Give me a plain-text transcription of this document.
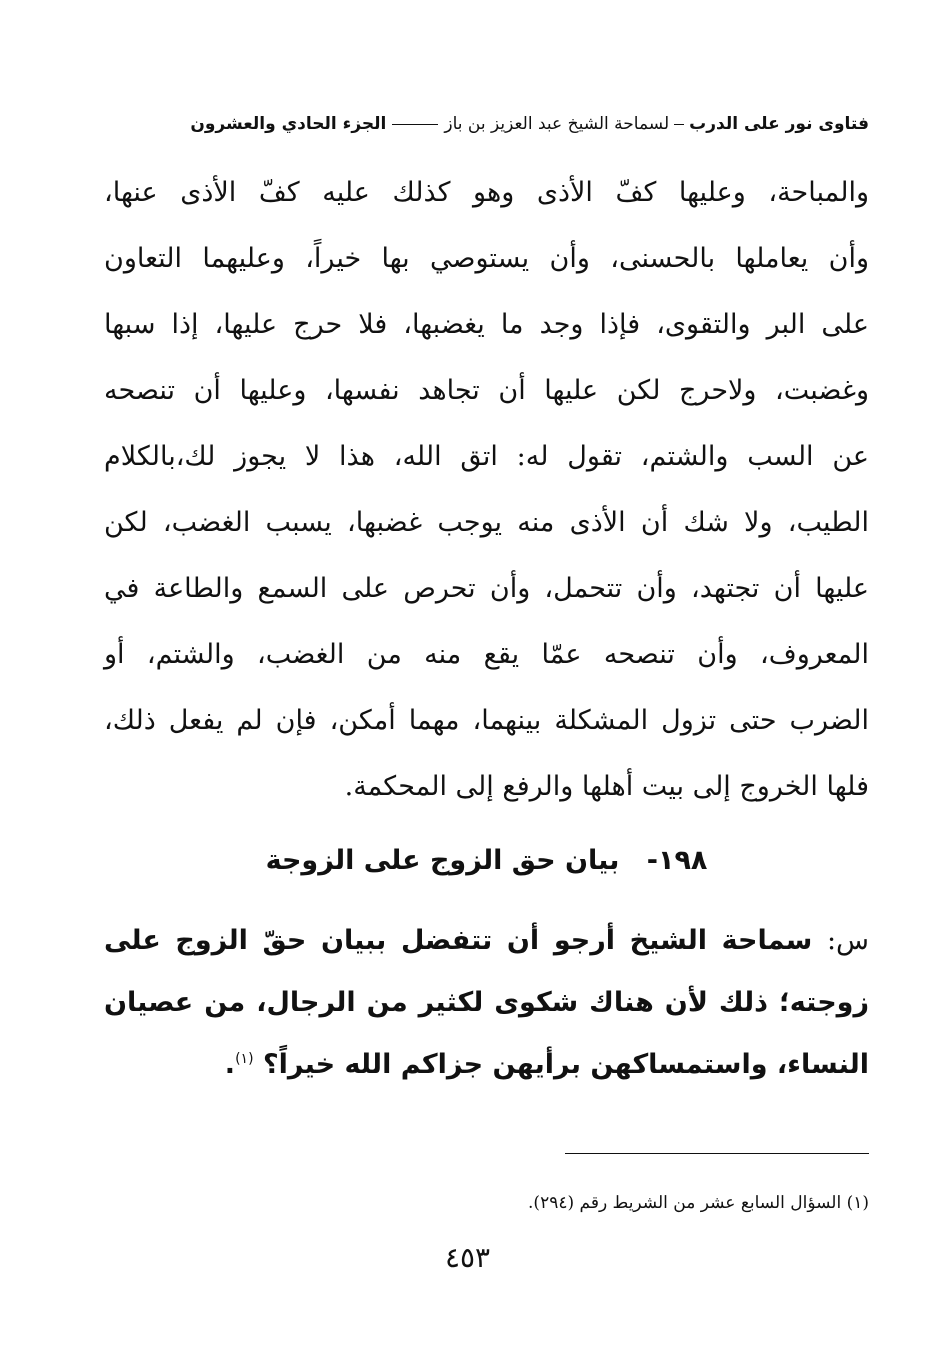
فتاوى نور على الدربلسماحة الشيخ عبد العزيز بن بازالجزء الحادي والعشرون
والمباحة، وعليها كفّ الأذى وهو كذلك عليه كفّ الأذى عنها،
وأن يعاملها بالحسنى، وأن يستوصي بها خيراً، وعليهما التعاون
على البر والتقوى، فإذا وجد ما يغضبها، فلا حرج عليها، إذا سبها
وغضبت، ولاحرج لكن عليها أن تجاهد نفسها، وعليها أن تنصحه
عن السب والشتم، تقول له: اتق الله، هذا لا يجوز لك،بالكلام
الطيب، ولا شك أن الأذى منه يوجب غضبها، يسبب الغضب، لكن
عليها أن تجتهد، وأن تتحمل، وأن تحرص على السمع والطاعة في
المعروف، وأن تنصحه عمّا يقع منه من الغضب، والشتم، أو
الضرب حتى تزول المشكلة بينهما، مهما أمكن، فإن لم يفعل ذلك،
فلها الخروج إلى بيت أهلها والرفع إلى المحكمة.
١٩٨- بيان حق الزوج على الزوجة
س: سماحة الشيخ أرجو أن تتفضل ببيان حقّ الزوج على
زوجته؛ ذلك لأن هناك شكوى لكثير من الرجال، من عصيان
النساء، واستمساكهن برأيهن جزاكم الله خيراً؟ $^{(١)}$.
(١) السؤال السابع عشر من الشريط رقم (٢٩٤).
٤٥٣
